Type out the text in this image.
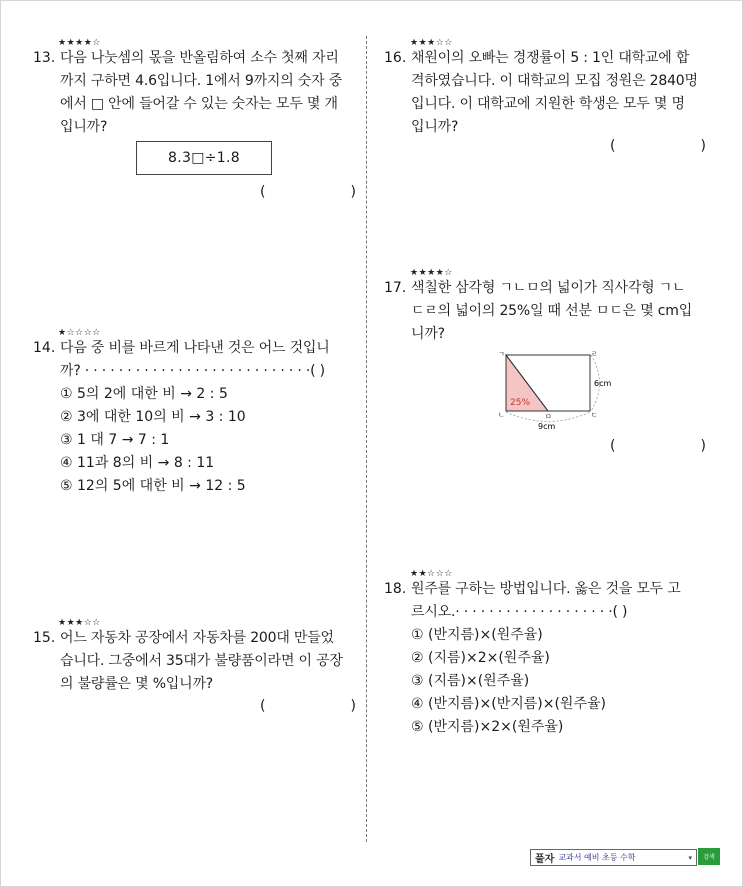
★★★★☆
13. 다음 나눗셈의 몫을 반올림하여 소수 첫째 자리
까지 구하면 4.6입니다. 1에서 9까지의 숫자 중
에서 □ 안에 들어갈 수 있는 숫자는 모두 몇 개
입니까?
8.3□÷1.8
(	)
★☆☆☆☆
14. 다음 중 비를 바르게 나타낸 것은 어느 것입니
까? · · · · · · · · · · · · · · · · · · · · · · · · · · ·( )
① 5의 2에 대한 비 → 2 : 5
② 3에 대한 10의 비 → 3 : 10
③ 1 대 7 → 7 : 1
④ 11과 8의 비 → 8 : 11
⑤ 12의 5에 대한 비 → 12 : 5
★★★☆☆
15. 어느 자동차 공장에서 자동차를 200대 만들었
습니다. 그중에서 35대가 불량품이라면 이 공장
의 불량률은 몇 %입니까?
(	)
★★★☆☆
16. 채원이의 오빠는 경쟁률이 5 : 1인 대학교에 합
격하였습니다. 이 대학교의 모집 정원은 2840명
입니다. 이 대학교에 지원한 학생은 모두 몇 명
입니까?
(	)
★★★★☆
17. 색칠한 삼각형 ㄱㄴㅁ의 넓이가 직사각형 ㄱㄴ
ㄷㄹ의 넓이의 25%일 때 선분 ㅁㄷ은 몇 cm입
니까?
ㄱ
ㄴ	ㅁ	ㄷ
ㄹ
25%
6cm
9cm
(	)
★★☆☆☆
18. 원주를 구하는 방법입니다. 옳은 것을 모두 고
르시오.· · · · · · · · · · · · · · · · · · ·( )
① (반지름)×(원주율)
② (지름)×2×(원주율)
③ (지름)×(원주율)
④ (반지름)×(반지름)×(원주율)
⑤ (반지름)×2×(원주율)
풀자 교과서 예비 초등 수학	▾	검색
